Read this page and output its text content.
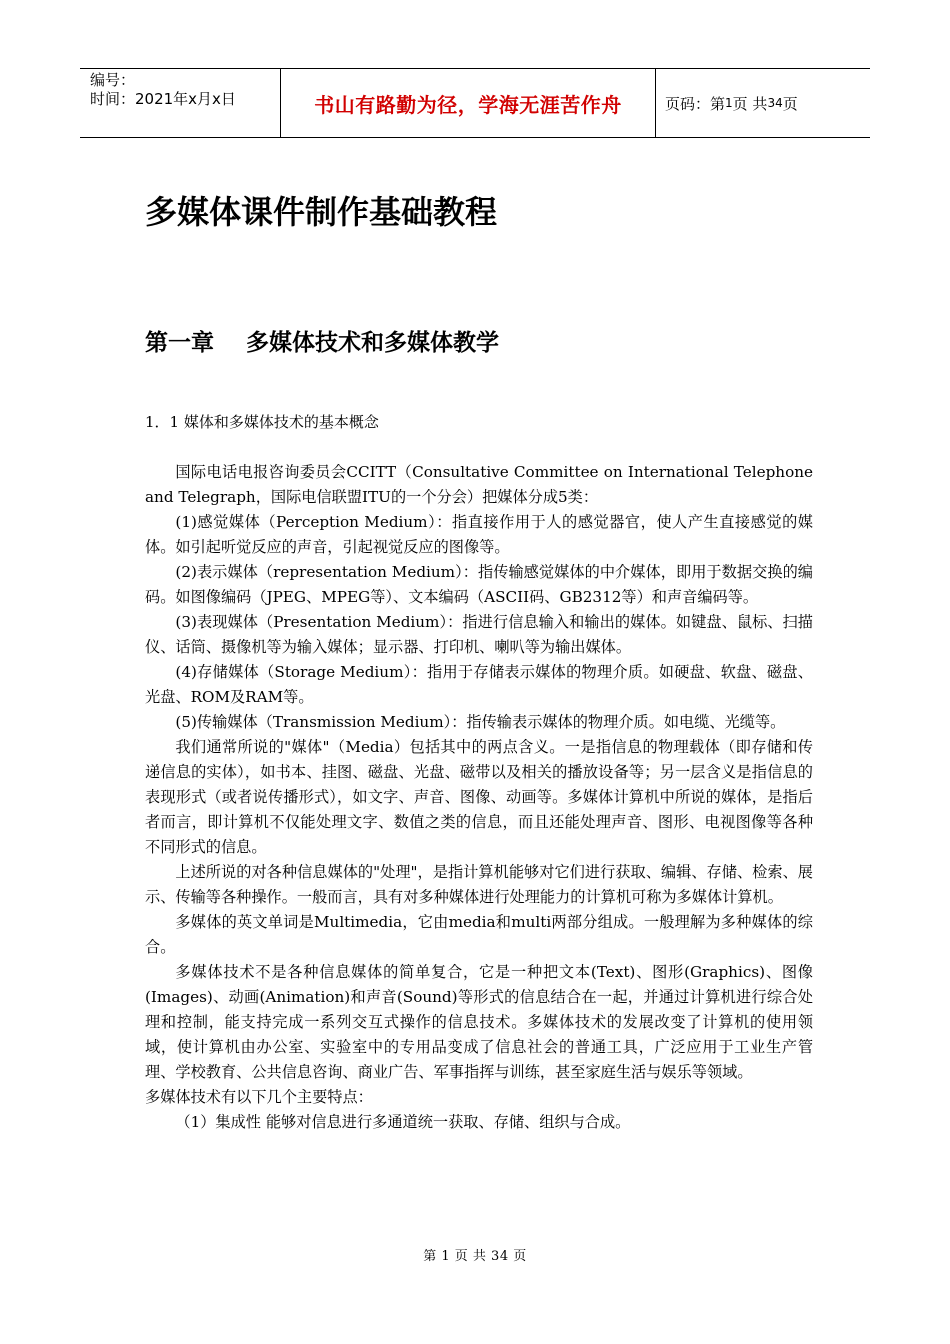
编号：
时间：2021年x月x日	书山有路勤为径，学海无涯苦作舟	页码：第 1 页 共 34 页
多媒体课件制作基础教程
第一章    多媒体技术和多媒体教学
1．1 媒体和多媒体技术的基本概念

国际电话电报咨询委员会CCITT（Consultative Committee on International Telephone and Telegraph，国际电信联盟ITU的一个分会）把媒体分成5类：

(1)感觉媒体（Perception Medium）：指直接作用于人的感觉器官，使人产生直接感觉的媒体。如引起听觉反应的声音，引起视觉反应的图像等。

(2)表示媒体（representation Medium）：指传输感觉媒体的中介媒体，即用于数据交换的编码。如图像编码（JPEG、MPEG等）、文本编码（ASCII码、GB2312等）和声音编码等。

(3)表现媒体（Presentation Medium）：指进行信息输入和输出的媒体。如键盘、鼠标、扫描仪、话筒、摄像机等为输入媒体；显示器、打印机、喇叭等为输出媒体。

(4)存储媒体（Storage Medium）：指用于存储表示媒体的物理介质。如硬盘、软盘、磁盘、光盘、ROM及RAM等。

(5)传输媒体（Transmission Medium）：指传输表示媒体的物理介质。如电缆、光缆等。

我们通常所说的"媒体"（Media）包括其中的两点含义。一是指信息的物理载体（即存储和传递信息的实体），如书本、挂图、磁盘、光盘、磁带以及相关的播放设备等；另一层含义是指信息的表现形式（或者说传播形式），如文字、声音、图像、动画等。多媒体计算机中所说的媒体，是指后者而言，即计算机不仅能处理文字、数值之类的信息，而且还能处理声音、图形、电视图像等各种不同形式的信息。

上述所说的对各种信息媒体的"处理"，是指计算机能够对它们进行获取、编辑、存储、检索、展示、传输等各种操作。一般而言，具有对多种媒体进行处理能力的计算机可称为多媒体计算机。

多媒体的英文单词是Multimedia，它由media和multi两部分组成。一般理解为多种媒体的综合。

多媒体技术不是各种信息媒体的简单复合，它是一种把文本(Text)、图形(Graphics)、图像(Images)、动画(Animation)和声音(Sound)等形式的信息结合在一起，并通过计算机进行综合处理和控制，能支持完成一系列交互式操作的信息技术。多媒体技术的发展改变了计算机的使用领域，使计算机由办公室、实验室中的专用品变成了信息社会的普通工具，广泛应用于工业生产管理、学校教育、公共信息咨询、商业广告、军事指挥与训练，甚至家庭生活与娱乐等领域。

多媒体技术有以下几个主要特点：

（1）集成性 能够对信息进行多通道统一获取、存储、组织与合成。

第 1 页 共 34 页
